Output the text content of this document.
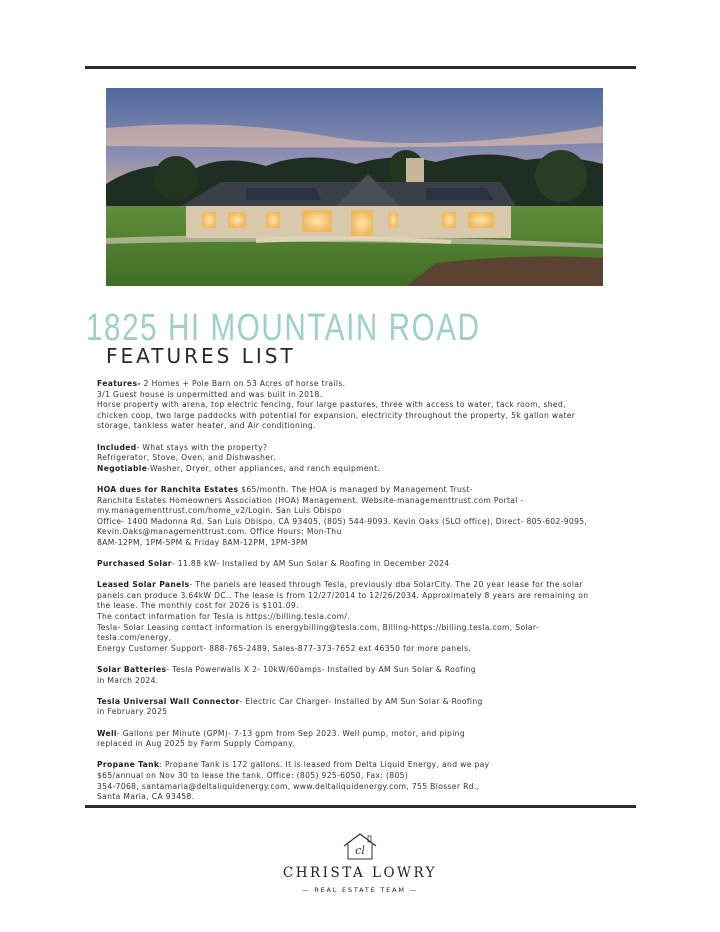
1825 HI MOUNTAIN ROAD
FEATURES LIST
Features- 2 Homes + Pole Barn on 53 Acres of horse trails.
3/1 Guest house is unpermitted and was built in 2018.
Horse property with arena, top electric fencing, four large pastures, three with access to water, tack room, shed,
chicken coop, two large paddocks with potential for expansion, electricity throughout the property, 5k gallon water
storage, tankless water heater, and Air conditioning.
Included- What stays with the property?
Refrigerator, Stove, Oven, and Dishwasher.
Negotiable-Washer, Dryer, other appliances, and ranch equipment.
HOA dues for Ranchita Estates $65/month. The HOA is managed by Management Trust-
Ranchita Estates Homeowners Association (HOA) Management. Website-managementtrust.com Portal -
my.managementtrust.com/home_v2/Login. San Luis Obispo
Office- 1400 Madonna Rd. San Luis Obispo, CA 93405, (805) 544-9093. Kevin Oaks (SLO office), Direct- 805-602-9095,
Kevin.Oaks@managementtrust.com. Office Hours: Mon-Thu
8AM-12PM, 1PM-5PM & Friday 8AM-12PM, 1PM-3PM
Purchased Solar- 11.88 kW- Installed by AM Sun Solar & Roofing in December 2024
Leased Solar Panels- The panels are leased through Tesla, previously dba SolarCity. The 20 year lease for the solar
panels can produce 3.64kW DC.. The lease is from 12/27/2014 to 12/26/2034. Approximately 8 years are remaining on
the lease. The monthly cost for 2026 is $101.09.
The contact information for Tesla is https://billing.tesla.com/.
Tesla- Solar Leasing contact information is energybilling@tesla.com, Billing-https://billing.tesla.com, Solar-
tesla.com/energy,
Energy Customer Support- 888-765-2489, Sales-877-373-7652 ext 46350 for more panels.
Solar Batteries- Tesla Powerwalls X 2- 10kW/60amps- Installed by AM Sun Solar & Roofing
in March 2024.
Tesla Universal Wall Connector- Electric Car Charger- Installed by AM Sun Solar & Roofing
in February 2025
Well- Gallons per Minute (GPM)- 7-13 gpm from Sep 2023. Well pump, motor, and piping
replaced in Aug 2025 by Farm Supply Company.
Propane Tank: Propane Tank is 172 gallons. It is leased from Delta Liquid Energy, and we pay
$65/annual on Nov 30 to lease the tank. Office: (805) 925-6050, Fax: (805)
354-7068, santamaria@deltaliquidenergy.com, www.deltaliquidenergy.com, 755 Blosser Rd.,
Santa Maria, CA 93458.
cl
CHRISTA LOWRY
— REAL ESTATE TEAM —
